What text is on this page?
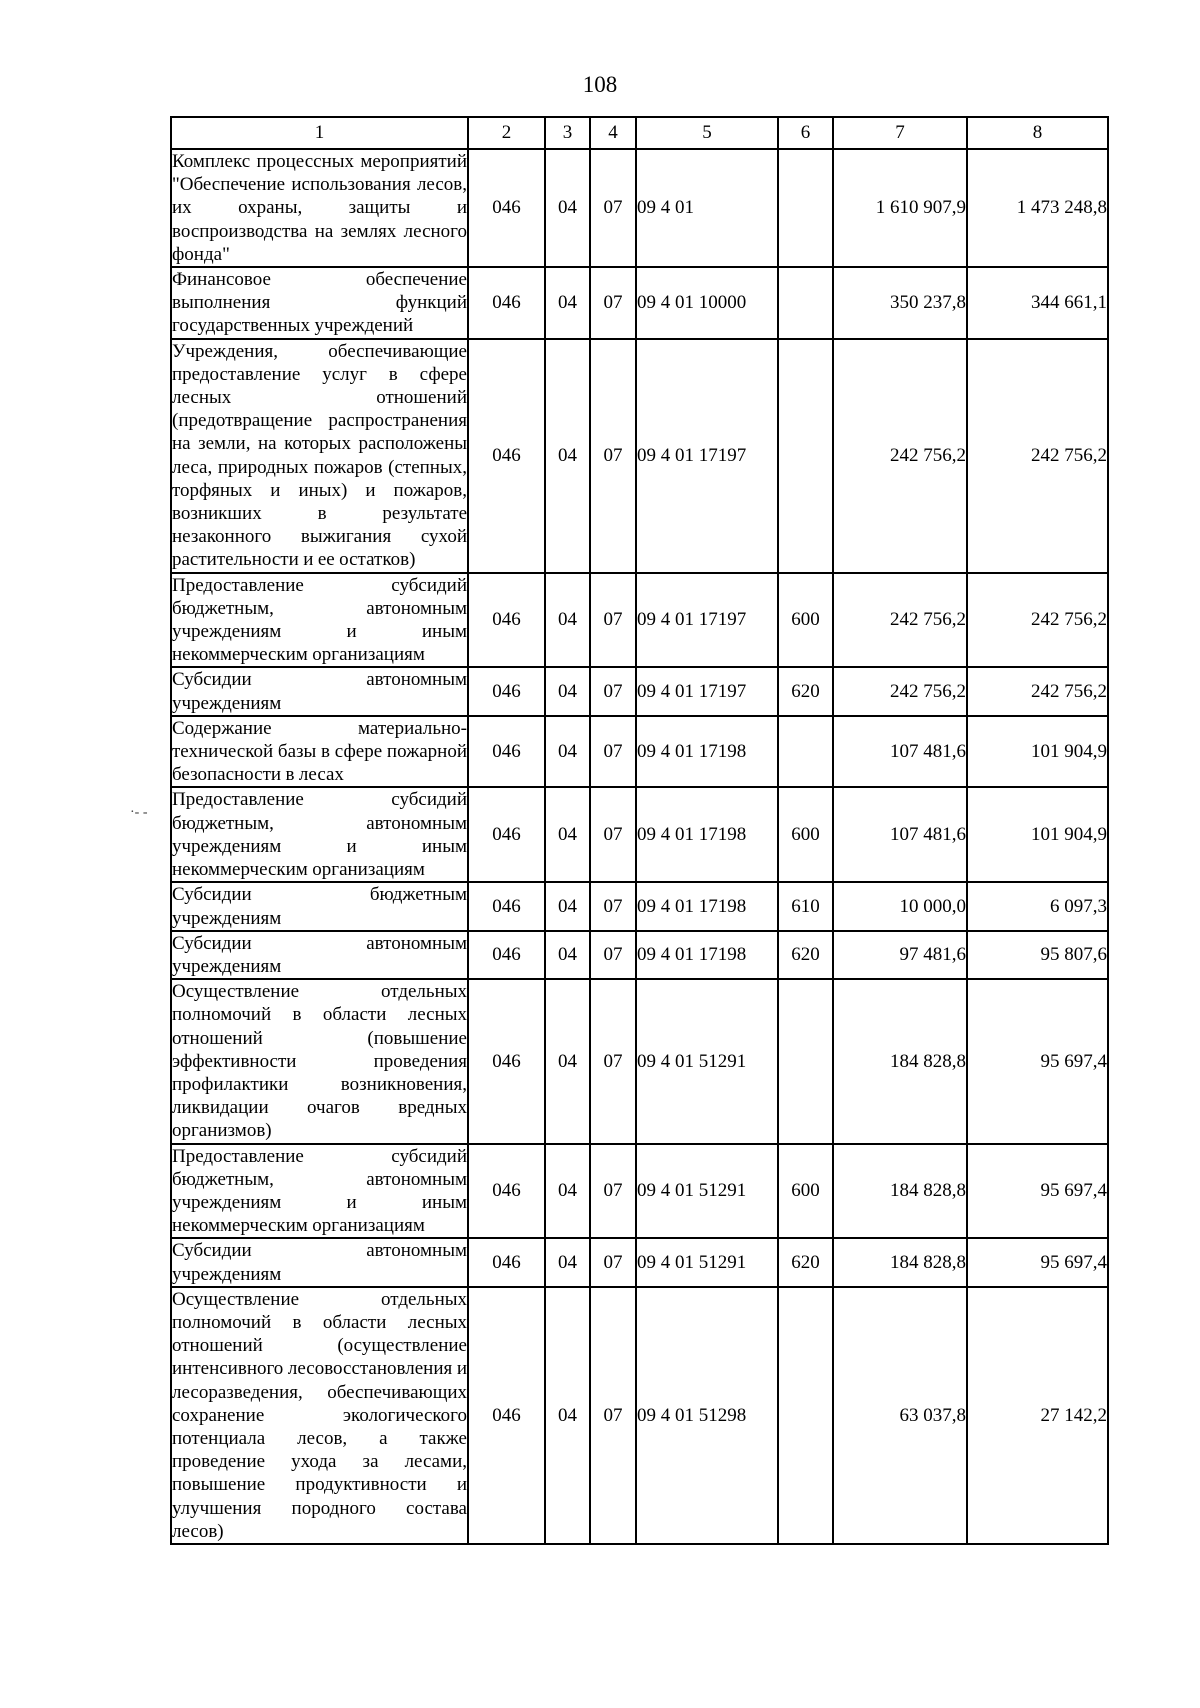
108
1	2	3	4	5	6	7	8
Комплекс процессных мероприятий "Обеспечение использования лесов, их охраны, защиты и воспроизводства на землях лесного фонда"	046	04	07	09 4 01		1 610 907,9	1 473 248,8
Финансовое обеспечение выполнения функций государственных учреждений	046	04	07	09 4 01 10000		350 237,8	344 661,1
Учреждения, обеспечивающие предоставление услуг в сфере лесных отношений (предотвращение распространения на земли, на которых расположены леса, природных пожаров (степных, торфяных и иных) и пожаров, возникших в результате незаконного выжигания сухой растительности и ее остатков)	046	04	07	09 4 01 17197		242 756,2	242 756,2
Предоставление субсидий бюджетным, автономным учреждениям и иным некоммерческим организациям	046	04	07	09 4 01 17197	600	242 756,2	242 756,2
Субсидии автономным учреждениям	046	04	07	09 4 01 17197	620	242 756,2	242 756,2
Содержание материально-технической базы в сфере пожарной безопасности в лесах	046	04	07	09 4 01 17198		107 481,6	101 904,9
Предоставление субсидий бюджетным, автономным учреждениям и иным некоммерческим организациям	046	04	07	09 4 01 17198	600	107 481,6	101 904,9
Субсидии бюджетным учреждениям	046	04	07	09 4 01 17198	610	10 000,0	6 097,3
Субсидии автономным учреждениям	046	04	07	09 4 01 17198	620	97 481,6	95 807,6
Осуществление отдельных полномочий в области лесных отношений (повышение эффективности проведения профилактики возникновения, ликвидации очагов вредных организмов)	046	04	07	09 4 01 51291		184 828,8	95 697,4
Предоставление субсидий бюджетным, автономным учреждениям и иным некоммерческим организациям	046	04	07	09 4 01 51291	600	184 828,8	95 697,4
Субсидии автономным учреждениям	046	04	07	09 4 01 51291	620	184 828,8	95 697,4
Осуществление отдельных полномочий в области лесных отношений (осуществление интенсивного лесовосстановления и лесоразведения, обеспечивающих сохранение экологического потенциала лесов, а также проведение ухода за лесами, повышение продуктивности и улучшения породного состава лесов)	046	04	07	09 4 01 51298		63 037,8	27 142,2
·‑ ‑
